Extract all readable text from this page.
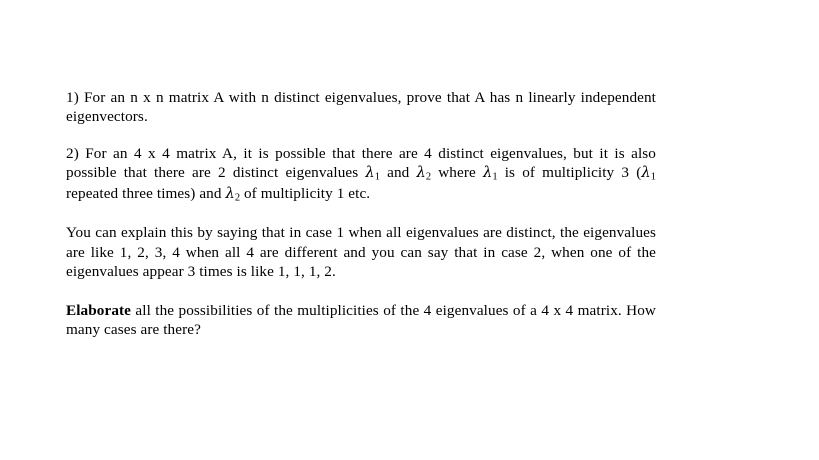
1) For an n x n matrix A with n distinct eigenvalues, prove that A has n linearly independent eigenvectors.

2) For an 4 x 4 matrix A, it is possible that there are 4 distinct eigenvalues, but it is also possible that there are 2 distinct eigenvalues $\lambda_1$ and $\lambda_2$ where $\lambda_1$ is of multiplicity 3 ($\lambda_1$ repeated three times) and $\lambda_2$ of multiplicity 1 etc.

You can explain this by saying that in case 1 when all eigenvalues are distinct, the eigenvalues are like 1, 2, 3, 4 when all 4 are different and you can say that in case 2, when one of the eigenvalues appear 3 times is like 1, 1, 1, 2.

Elaborate all the possibilities of the multiplicities of the 4 eigenvalues of a 4 x 4 matrix. How many cases are there?
